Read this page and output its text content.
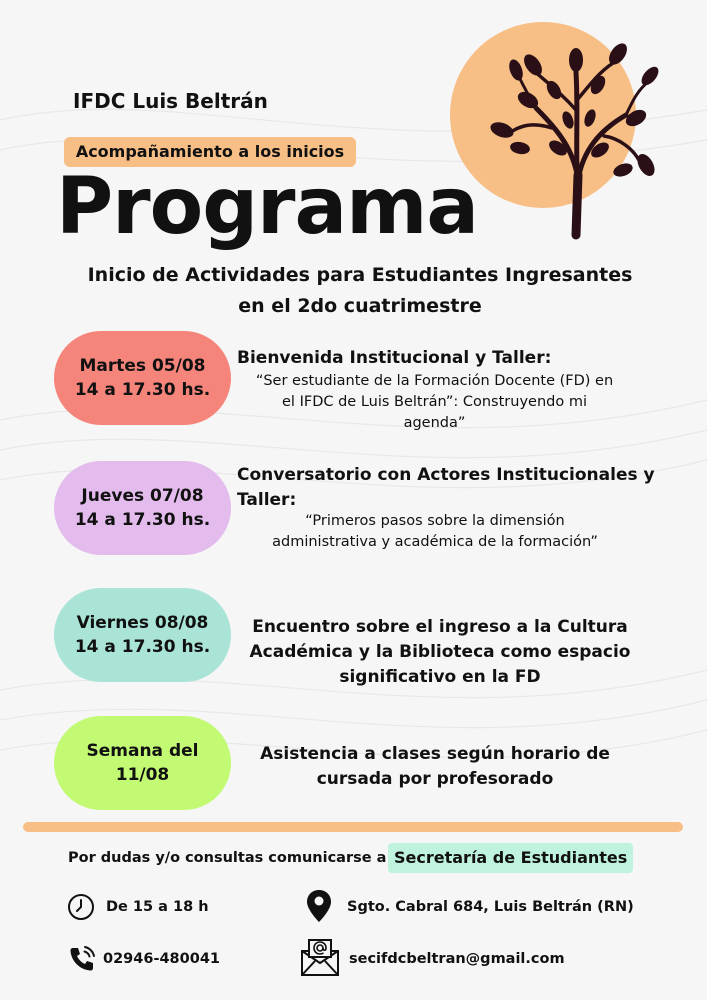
IFDC Luis Beltrán
Acompañamiento a los inicios
Programa
Inicio de Actividades para Estudiantes Ingresantes
en el 2do cuatrimestre
Martes 05/08
14 a 17.30 hs.
Bienvenida Institucional y Taller:
“Ser estudiante de la Formación Docente (FD) en
el IFDC de Luis Beltrán”: Construyendo mi
agenda”
Jueves 07/08
14 a 17.30 hs.
Conversatorio con Actores Institucionales y
Taller:
“Primeros pasos sobre la dimensión
administrativa y académica de la formación”
Viernes 08/08
14 a 17.30 hs.
Encuentro sobre el ingreso a la Cultura
Académica y la Biblioteca como espacio
significativo en la FD
Semana del
11/08
Asistencia a clases según horario de
cursada por profesorado
Por dudas y/o consultas comunicarse a Secretaría de Estudiantes
De 15 a 18 h	Sgto. Cabral 684, Luis Beltrán (RN)
02946-480041	secifdcbeltran@gmail.com
